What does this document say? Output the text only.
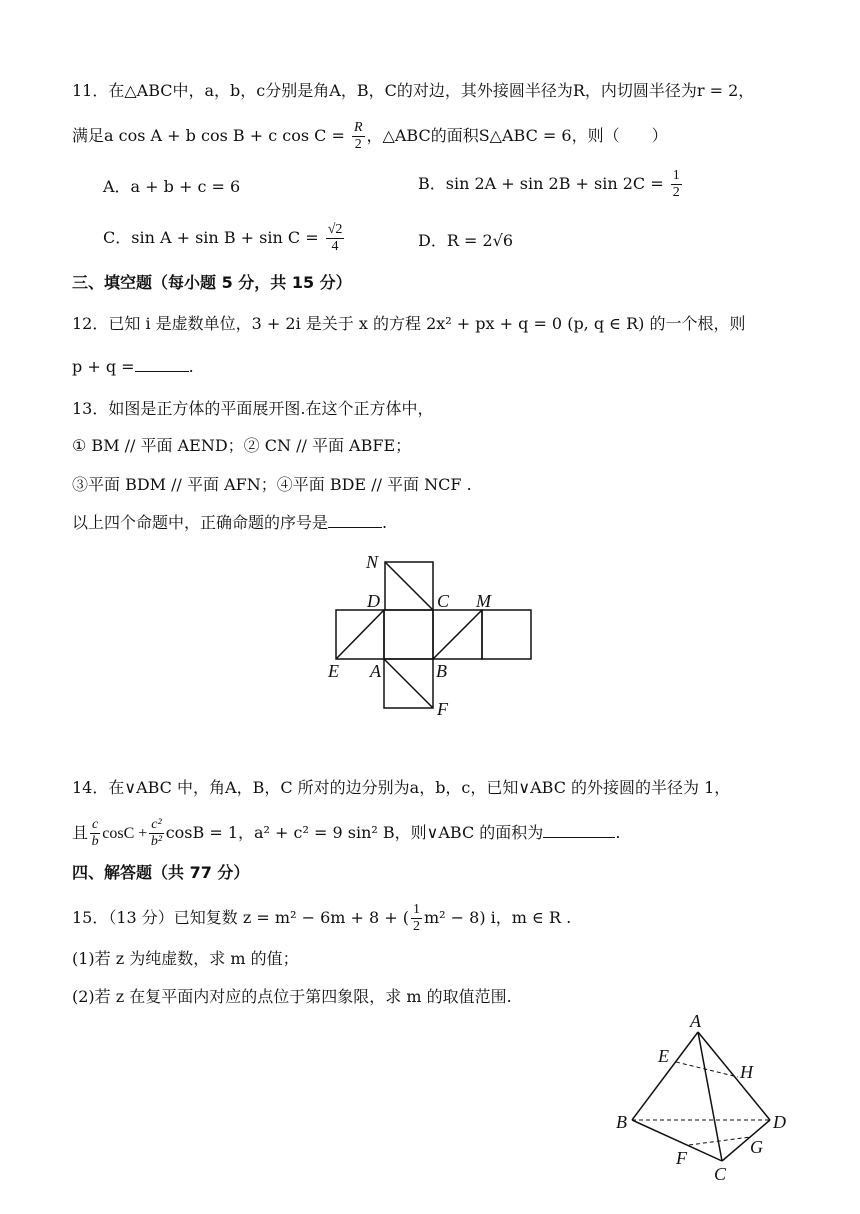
11．在△ABC中，a，b，c分别是角A，B，C的对边，其外接圆半径为R，内切圆半径为r = 2，
满足a cos A + b cos B + c $\cos C = \frac{R}{2}$ ，△ABC的面积S△ABC = 6，则（　　）
A．a + b + c = 6	B．$\sin 2A + \sin 2B + \sin 2C = \frac{1}{2}$
C．$\sin A + \sin B + \sin C = \frac{√2}{4}$	D．R = 2√6
三、填空题（每小题 5 分，共 15 分）
12．已知 i 是虚数单位，3 + 2i 是关于 x 的方程 2x² + px + q = 0 (p, q ∈ R) 的一个根，则
p + q =	.
13．如图是正方体的平面展开图.在这个正方体中，
① BM // 平面 AEND；② CN // 平面 ABFE；
③平面 BDM // 平面 AFN；④平面 BDE // 平面 NCF .
以上四个命题中，正确命题的序号是	.
N
D	C M
E A	B
F
14．在∨ABC 中，角A，B，C 所对的边分别为a，b，c，已知∨ABC 的外接圆的半径为 1，
且 $\frac{c}{b}$ $\cos C + \frac{\text{c²}}{\text{b²}}$ cosB = 1，a² + c² = 9 sin² B，则∨ABC 的面积为	.
四、解答题（共 77 分）
15．（13 分）已知复数 z = m² − 6m + 8 + ( $\frac{1}{2} m^2 - 8$) i，m ∈ R .
(1)若 z 为纯虚数，求 m 的值；
(2)若 z 在复平面内对应的点位于第四象限，求 m 的取值范围.
A
E
H
B	D
G
F
C
